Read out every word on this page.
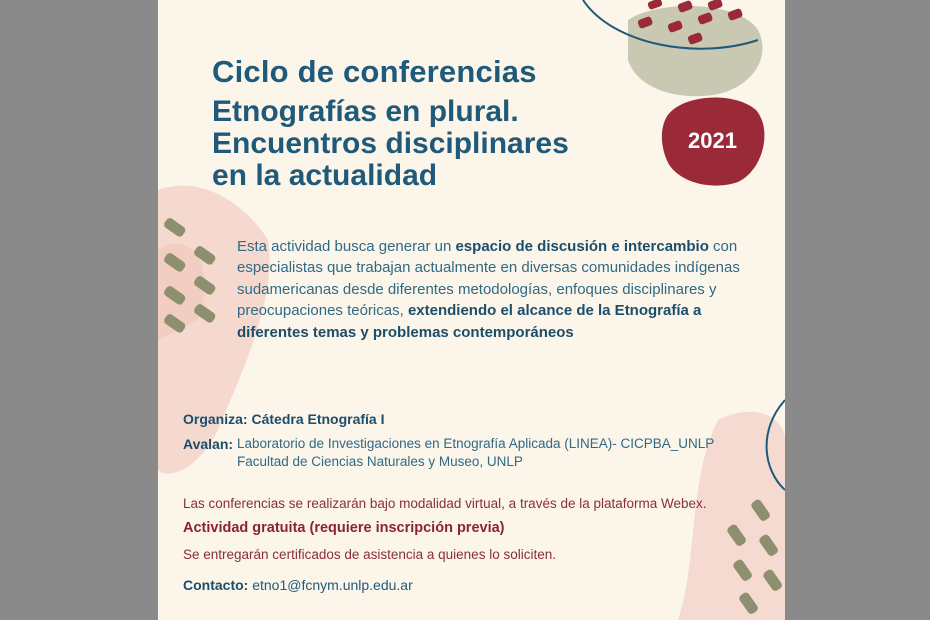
Ciclo de conferencias
Etnografías en plural.
Encuentros disciplinares
en la actualidad
2021
Esta actividad busca generar un espacio de discusión e intercambio con especialistas que trabajan actualmente en diversas comunidades indígenas sudamericanas desde diferentes metodologías, enfoques disciplinares y preocupaciones teóricas, extendiendo el alcance de la Etnografía a diferentes temas y problemas contemporáneos
Organiza: Cátedra Etnografía I
Avalan: Laboratorio de Investigaciones en Etnografía Aplicada (LINEA)- CICPBA_UNLP
Facultad de Ciencias Naturales y Museo, UNLP
Las conferencias se realizarán bajo modalidad virtual, a través de la plataforma Webex.
Actividad gratuita (requiere inscripción previa)
Se entregarán certificados de asistencia a quienes lo soliciten.
Contacto: etno1@fcnym.unlp.edu.ar
